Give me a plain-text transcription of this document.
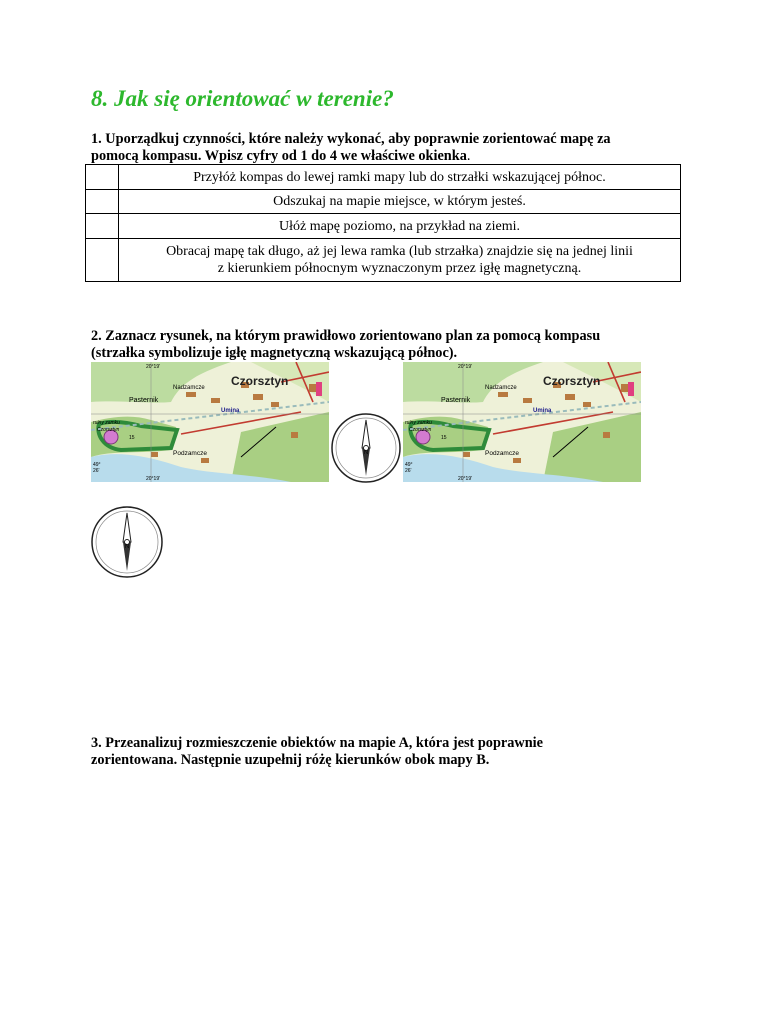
8. Jak się orientować w terenie?
1. Uporządkuj czynności, które należy wykonać, aby poprawnie zorientować mapę za
pomocą kompasu. Wpisz cyfry od 1 do 4 we właściwe okienka.
	Przyłóż kompas do lewej ramki mapy lub do strzałki wskazującej północ.
	Odszukaj na mapie miejsce, w którym jesteś.
	Ułóż mapę poziomo, na przykład na ziemi.

	Obracaj mapę tak długo, aż jej lewa ramka (lub strzałka) znajdzie się na jednej linii
z kierunkiem północnym wyznaczonym przez igłę magnetyczną.
2. Zaznacz rysunek, na którym prawidłowo zorientowano plan za pomocą kompasu
(strzałka symbolizuje igłę magnetyczną wskazującą północ).
Czorsztyn
Nadzamcze
Pasternik
Umina
ruiny zamku
Czorsztyn
Podzamcze
20°19'
20°19'
49°
26'
15
N
Czorsztyn
Nadzamcze
Pasternik
Umina
ruiny zamku
Czorsztyn
Podzamcze
20°19'
20°19'
49°
26'
15
N
3. Przeanalizuj rozmieszczenie obiektów na mapie A, która jest poprawnie
zorientowana. Następnie uzupełnij różę kierunków obok mapy B.
